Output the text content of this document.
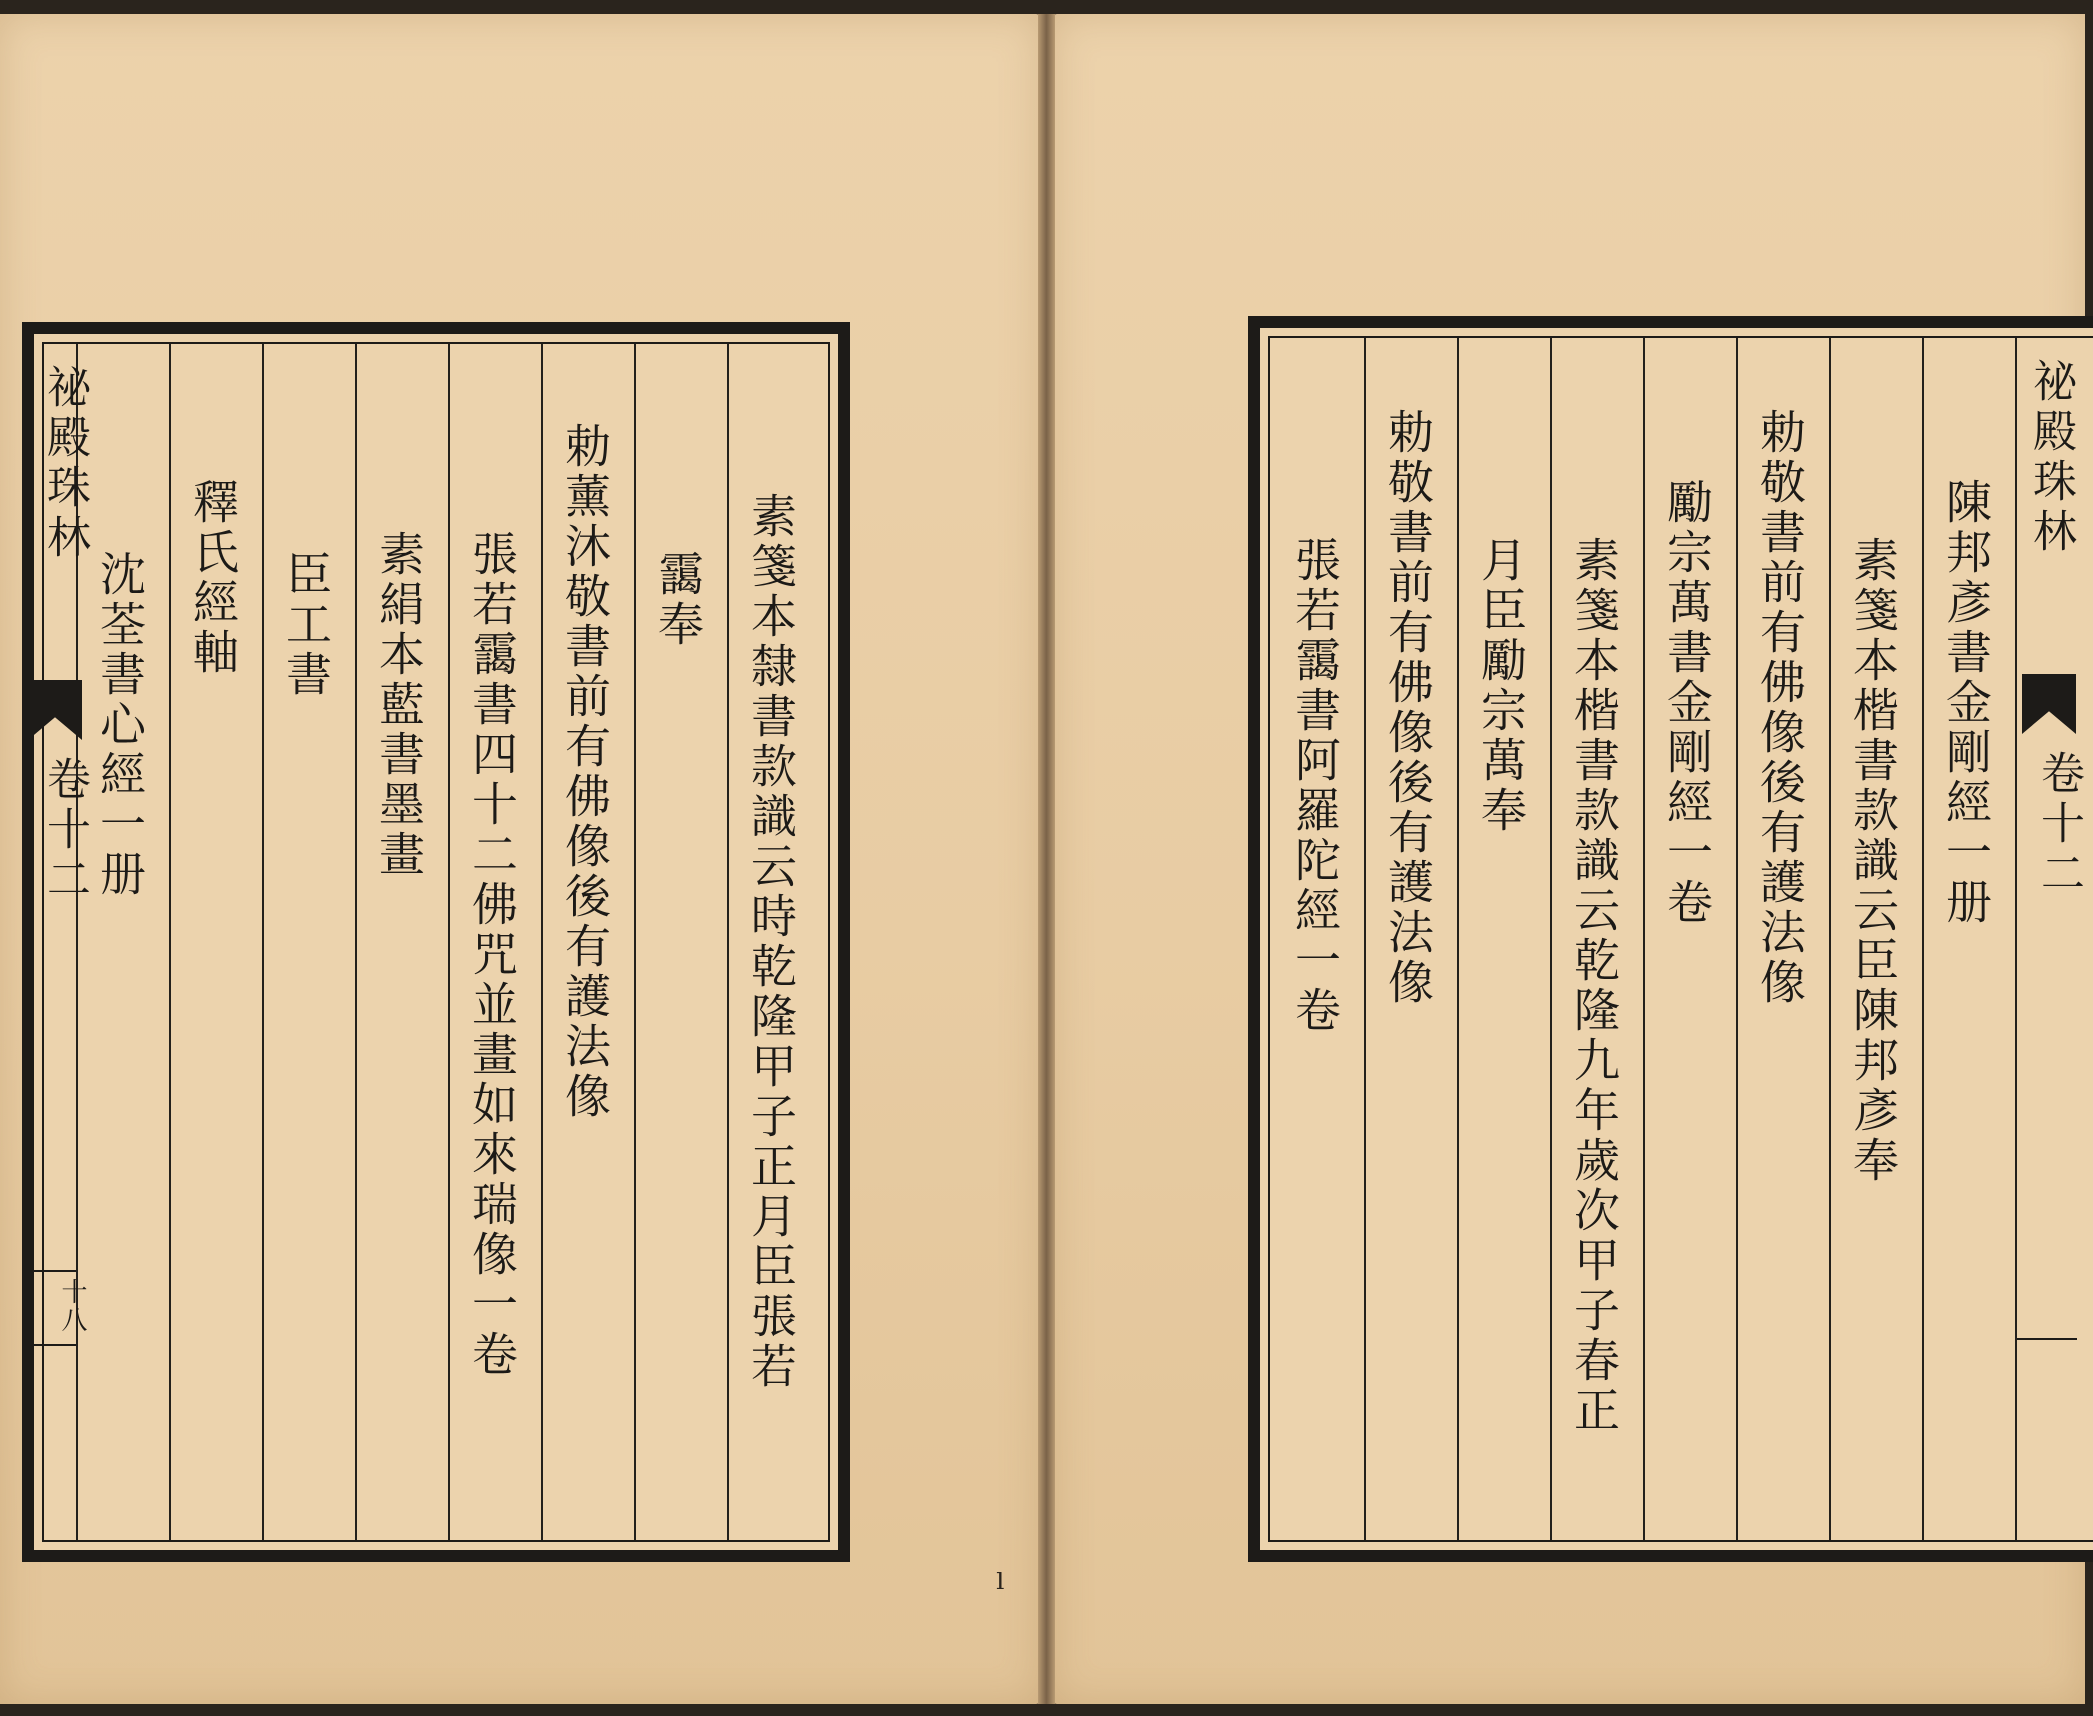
祕殿珠林
卷十二
十八	素箋本隸書款識云時乾隆甲子正月臣張若
靄奉
勅薰沐敬書前有佛像後有護法像
張若靄書四十二佛咒並畫如來瑞像一卷
素絹本藍書墨畫
臣工書
釋氏經軸
沈荃書心經一册
祕殿珠林
卷十二
陳邦彥書金剛經一册
素箋本楷書款識云臣陳邦彥奉
勅敬書前有佛像後有護法像
勵宗萬書金剛經一卷
素箋本楷書款識云乾隆九年歲次甲子春正
月臣勵宗萬奉
勅敬書前有佛像後有護法像
張若靄書阿羅陀經一卷
ˡ
